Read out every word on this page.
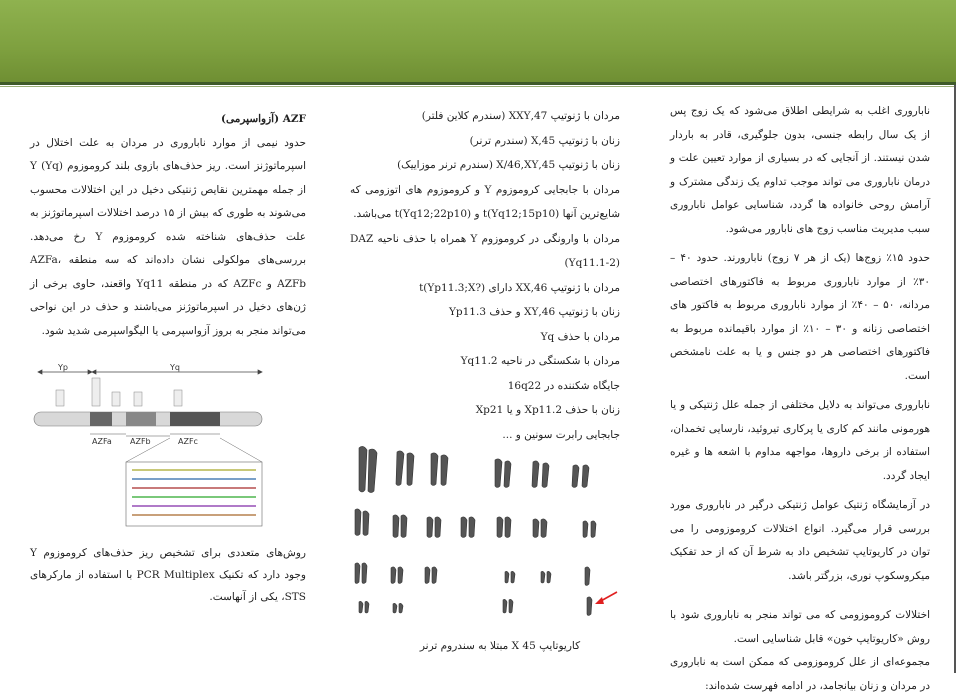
ناباروری اغلب به شرایطی اطلاق می‌شود که یک زوج پس از یک سال رابطه جنسی، بدون جلوگیری، قادر به باردار شدن نیستند. از آنجایی که در بسیاری از موارد تعیین علت و درمان ناباروری می تواند موجب تداوم یک زندگی مشترک و آرامش روحی خانواده ها گردد، شناسایی عوامل ناباروری سبب مدیریت مناسب زوج های نابارور می‌شود.

حدود ۱۵٪ زوج‌ها (یک از هر ۷ زوج) نابارورند. حدود ۴۰ – ۳۰٪ از موارد ناباروری مربوط به فاکتورهای اختصاصی مردانه، ۵۰ – ۴۰٪ از موارد ناباروری مربوط به فاکتور های اختصاصی زنانه و ۳۰ – ۱۰٪ از موارد باقیمانده مربوط به فاکتورهای اختصاصی هر دو جنس و یا به علت نامشخص است.

ناباروری می‌تواند به دلایل مختلفی از جمله علل ژنتیکی و یا هورمونی مانند کم کاری یا پرکاری تیروئید، نارسایی تخمدان، استفاده از برخی داروها، مواجهه مداوم با اشعه ها و غیره ایجاد گردد.

در آزمایشگاه ژنتیک عوامل ژنتیکی درگیر در ناباروری مورد بررسی قرار می‌گیرد. انواع اختلالات کروموزومی را می توان در کاریوتایپ تشخیص داد به شرط آن که از حد تفکیک میکروسکوپ نوری، بزرگتر باشد.

اختلالات کروموزومی که می تواند منجر به ناباروری شود با روش «کاریوتایپ خون» قابل شناسایی است.

مجموعه‌ای از علل کروموزومی که ممکن است به ناباروری در مردان و زنان بیانجامد، در ادامه فهرست شده‌اند:

مردان با ژنوتیپ 47,XXY (سندرم کلاین فلتر)

زنان با ژنوتیپ 45,X (سندرم ترنر)

زنان با ژنوتیپ 45,X/46,XY (سندرم ترنر موزاییک)

مردان با جابجایی کروموزوم Y و کروموزوم های اتوزومی که شایع‌ترین آنها t(Yq12;15p10) و t(Yq12;22p10) می‌باشد.

مردان با وارونگی در کروموزوم Y همراه با حذف ناحیه DAZ (Yq11.1-2)

مردان با ژنوتیپ 46,XX دارای t(Yp11.3;X?)

زنان با ژنوتیپ 46,XY و حذف Yp11.3

مردان با حذف Yq

مردان با شکستگی در ناحیه Yq11.2

جایگاه شکننده در 16q22

زنان با حذف Xp11.2 و یا Xp21

جابجایی رابرت سونین و ...

کاریوتایپ 45 X مبتلا به سندروم ترنر

AZF (آزواسپرمی)

حدود نیمی از موارد ناباروری در مردان به علت اختلال در اسپرماتوژنز است. ریز حذف‌های بازوی بلند کروموزوم Y (Yq) از جمله مهمترین نقایص ژنتیکی دخیل در این اختلالات محسوب می‌شوند به طوری که بیش از ۱۵ درصد اختلالات اسپرماتوژنز به علت حذف‌های شناخته شده کروموزوم Y رخ می‌دهد. بررسی‌های مولکولی نشان داده‌اند که سه منطقه AZFa، AZFb و AZFc که در منطقه Yq11 واقعند، حاوی برخی از ژن‌های دخیل در اسپرماتوژنز می‌باشند و حذف در این نواحی می‌تواند منجر به بروز آزواسپرمی یا الیگواسپرمی شدید شود.

Yp	Yq
AZFa AZFb	AZFc

روش‌های متعددی برای تشخیص ریز حذف‌های کروموزوم Y وجود دارد که تکنیک PCR Multiplex با استفاده از مارکرهای STS، یکی از آنهاست.
